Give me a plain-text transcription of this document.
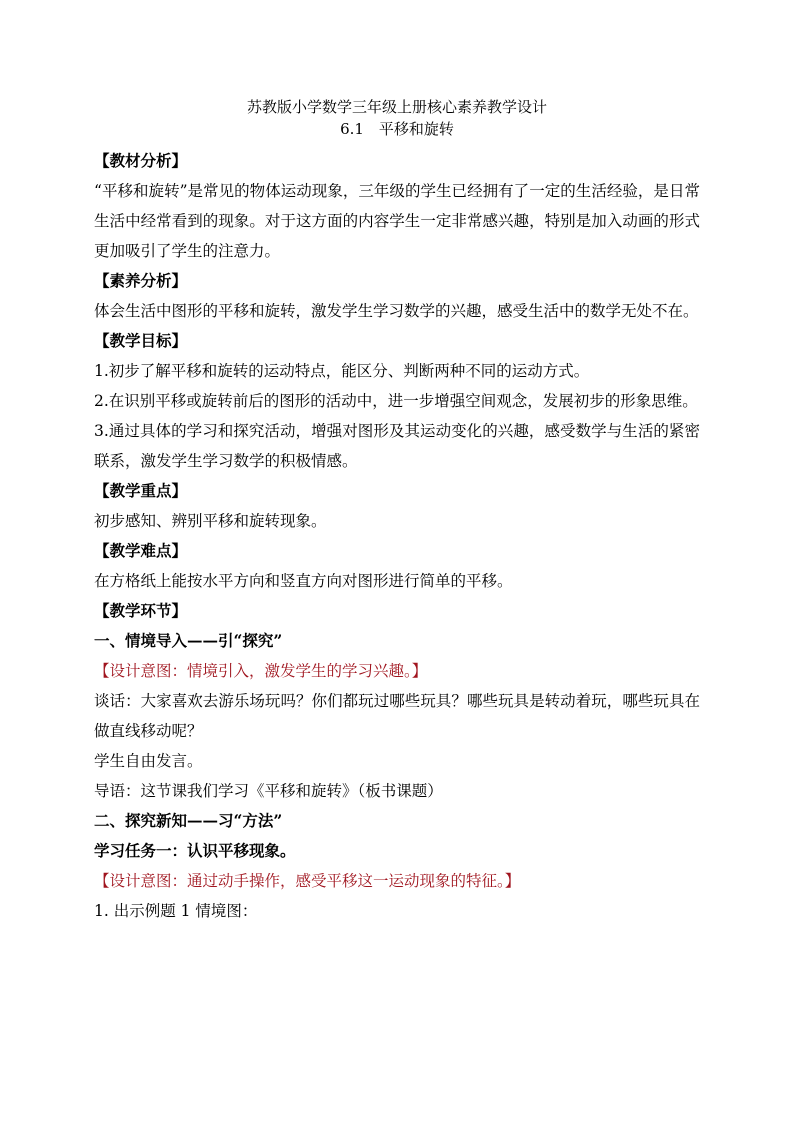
苏教版小学数学三年级上册核心素养教学设计
6.1　平移和旋转
【教材分析】
“平移和旋转”是常见的物体运动现象，三年级的学生已经拥有了一定的生活经验，是日常生活中经常看到的现象。对于这方面的内容学生一定非常感兴趣，特别是加入动画的形式更加吸引了学生的注意力。
【素养分析】
体会生活中图形的平移和旋转，激发学生学习数学的兴趣，感受生活中的数学无处不在。
【教学目标】
1.初步了解平移和旋转的运动特点，能区分、判断两种不同的运动方式。
2.在识别平移或旋转前后的图形的活动中，进一步增强空间观念，发展初步的形象思维。
3.通过具体的学习和探究活动，增强对图形及其运动变化的兴趣，感受数学与生活的紧密联系，激发学生学习数学的积极情感。
【教学重点】
初步感知、辨别平移和旋转现象。
【教学难点】
在方格纸上能按水平方向和竖直方向对图形进行简单的平移。
【教学环节】
一、情境导入——引“探究”
【设计意图：情境引入，激发学生的学习兴趣。】
谈话：大家喜欢去游乐场玩吗？你们都玩过哪些玩具？哪些玩具是转动着玩，哪些玩具在做直线移动呢？
学生自由发言。
导语：这节课我们学习《平移和旋转》（板书课题）
二、探究新知——习“方法”
学习任务一：认识平移现象。
【设计意图：通过动手操作，感受平移这一运动现象的特征。】
1. 出示例题 1 情境图：
